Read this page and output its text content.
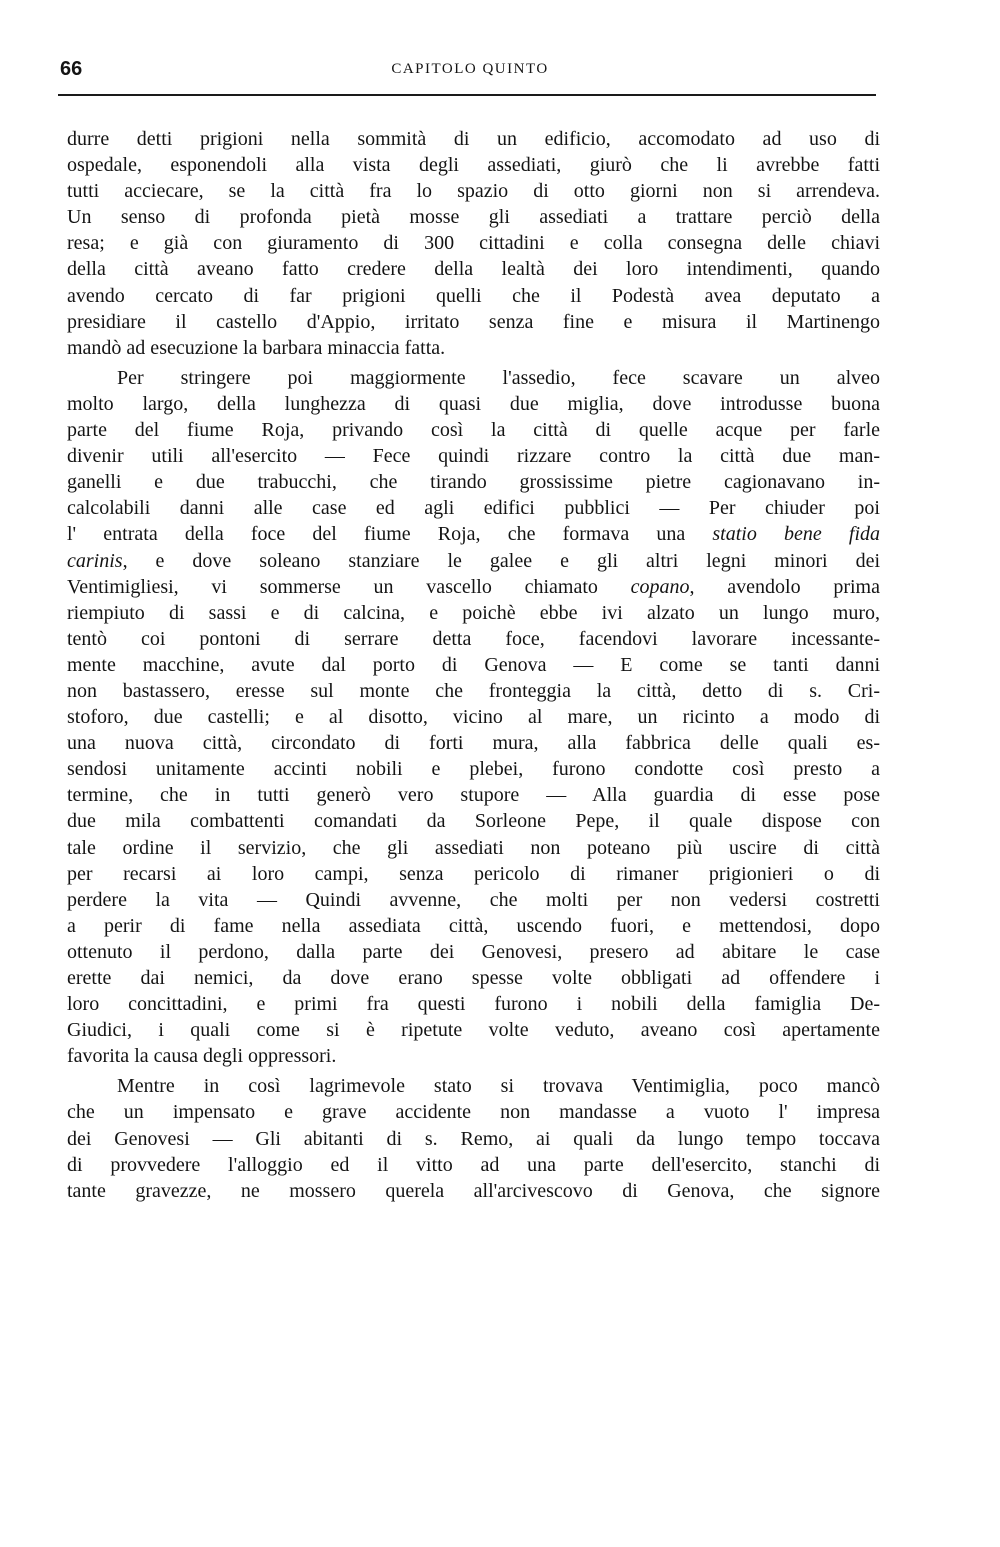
66	CAPITOLO QUINTO
durre detti prigioni nella sommità di un edificio, accomodato ad uso di
ospedale, esponendoli alla vista degli assediati, giurò che li avrebbe fatti
tutti acciecare, se la città fra lo spazio di otto giorni non si arrendeva.
Un senso di profonda pietà mosse gli assediati a trattare perciò della
resa; e già con giuramento di 300 cittadini e colla consegna delle chiavi
della città aveano fatto credere della lealtà dei loro intendimenti, quando
avendo cercato di far prigioni quelli che il Podestà avea deputato a
presidiare il castello d'Appio, irritato senza fine e misura il Martinengo
mandò ad esecuzione la barbara minaccia fatta.
Per stringere poi maggiormente l'assedio, fece scavare un alveo
molto largo, della lunghezza di quasi due miglia, dove introdusse buona
parte del fiume Roja, privando così la città di quelle acque per farle
divenir utili all'esercito — Fece quindi rizzare contro la città due man-
ganelli e due trabucchi, che tirando grossissime pietre cagionavano in-
calcolabili danni alle case ed agli edifici pubblici — Per chiuder poi
l' entrata della foce del fiume Roja, che formava una statio bene fida
carinis, e dove soleano stanziare le galee e gli altri legni minori dei
Ventimigliesi, vi sommerse un vascello chiamato copano, avendolo prima
riempiuto di sassi e di calcina, e poichè ebbe ivi alzato un lungo muro,
tentò coi pontoni di serrare detta foce, facendovi lavorare incessante-
mente macchine, avute dal porto di Genova — E come se tanti danni
non bastassero, eresse sul monte che fronteggia la città, detto di s. Cri-
stoforo, due castelli; e al disotto, vicino al mare, un ricinto a modo di
una nuova città, circondato di forti mura, alla fabbrica delle quali es-
sendosi unitamente accinti nobili e plebei, furono condotte così presto a
termine, che in tutti generò vero stupore — Alla guardia di esse pose
due mila combattenti comandati da Sorleone Pepe, il quale dispose con
tale ordine il servizio, che gli assediati non poteano più uscire di città
per recarsi ai loro campi, senza pericolo di rimaner prigionieri o di
perdere la vita — Quindi avvenne, che molti per non vedersi costretti
a perir di fame nella assediata città, uscendo fuori, e mettendosi, dopo
ottenuto il perdono, dalla parte dei Genovesi, presero ad abitare le case
erette dai nemici, da dove erano spesse volte obbligati ad offendere i
loro concittadini, e primi fra questi furono i nobili della famiglia De-
Giudici, i quali come si è ripetute volte veduto, aveano così apertamente
favorita la causa degli oppressori.
Mentre in così lagrimevole stato si trovava Ventimiglia, poco mancò
che un impensato e grave accidente non mandasse a vuoto l' impresa
dei Genovesi — Gli abitanti di s. Remo, ai quali da lungo tempo toccava
di provvedere l'alloggio ed il vitto ad una parte dell'esercito, stanchi di
tante gravezze, ne mossero querela all'arcivescovo di Genova, che signore
